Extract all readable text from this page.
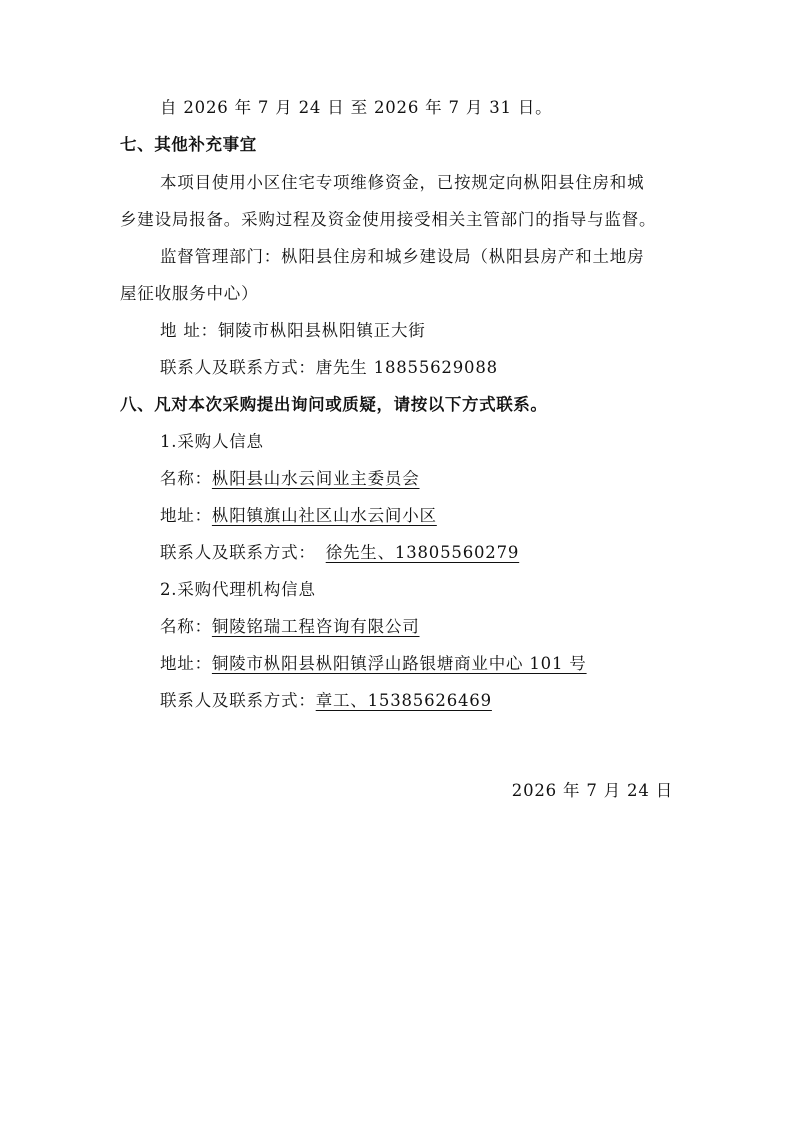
自 2026 年 7 月 24 日 至 2026 年 7 月 31 日。
七、其他补充事宜
本项目使用小区住宅专项维修资金，已按规定向枞阳县住房和城
乡建设局报备。采购过程及资金使用接受相关主管部门的指导与监督。
监督管理部门：枞阳县住房和城乡建设局（枞阳县房产和土地房
屋征收服务中心）
地 址：铜陵市枞阳县枞阳镇正大街
联系人及联系方式：唐先生 18855629088
八、凡对本次采购提出询问或质疑，请按以下方式联系。
1.采购人信息
名称：枞阳县山水云间业主委员会
地址：枞阳镇旗山社区山水云间小区
联系人及联系方式： 徐先生、13805560279
2.采购代理机构信息
名称：铜陵铭瑞工程咨询有限公司
地址：铜陵市枞阳县枞阳镇浮山路银塘商业中心 101 号
联系人及联系方式：章工、15385626469
2026 年 7 月 24 日
